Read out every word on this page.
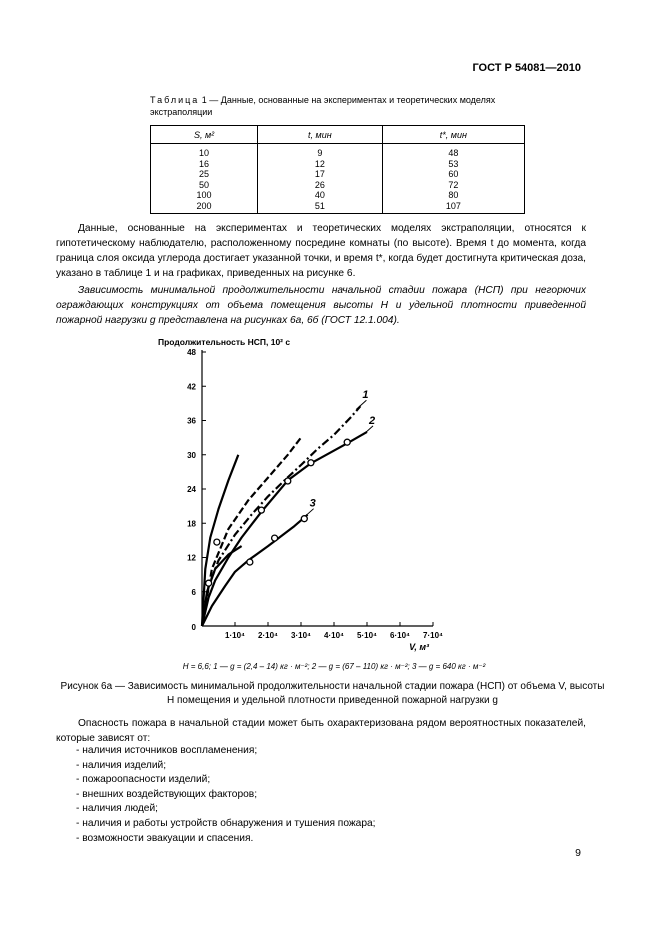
ГОСТ Р 54081—2010
Таблица 1 — Данные, основанные на экспериментах и теоретических моделях экстраполяции
S, м²	t, мин	t*, мин
10	9	48
16	12	53
25	17	60
50	26	72
100	40	80
200	51	107
Данные, основанные на экспериментах и теоретических моделях экстраполяции, относятся к гипотетическому наблюдателю, расположенному посредине комнаты (по высоте). Время t до момента, когда граница слоя оксида углерода достигает указанной точки, и время t*, когда будет достигнута критическая доза, указано в таблице 1 и на графиках, приведенных на рисунке 6.
Зависимость минимальной продолжительности начальной стадии пожара (НСП) при негорючих ограждающих конструкциях от объема помещения высоты H и удельной плотности приведенной пожарной нагрузки g представлена на рисунках 6а, 6б (ГОСТ 12.1.004).
6
12
18
24
30
36
42
48
1·10⁴ 2·10⁴ 3·10⁴ 4·10⁴ 5·10⁴ 6·10⁴ 7·10⁴
0
Продолжительность НСП, 10² с
V, м³
1
2
3
H = 6,6; 1 — g = (2,4 – 14) кг · м⁻²; 2 — g = (67 – 110) кг · м⁻²; 3 — g = 640 кг · м⁻²
Рисунок 6а — Зависимость минимальной продолжительности начальной стадии пожара (НСП) от объема V, высоты H помещения и удельной плотности приведенной пожарной нагрузки g
Опасность пожара в начальной стадии может быть охарактеризована рядом вероятностных показателей, которые зависят от:
- наличия источников воспламенения;
- наличия изделий;
- пожароопасности изделий;
- внешних воздействующих факторов;
- наличия людей;
- наличия и работы устройств обнаружения и тушения пожара;
- возможности эвакуации и спасения.
9
